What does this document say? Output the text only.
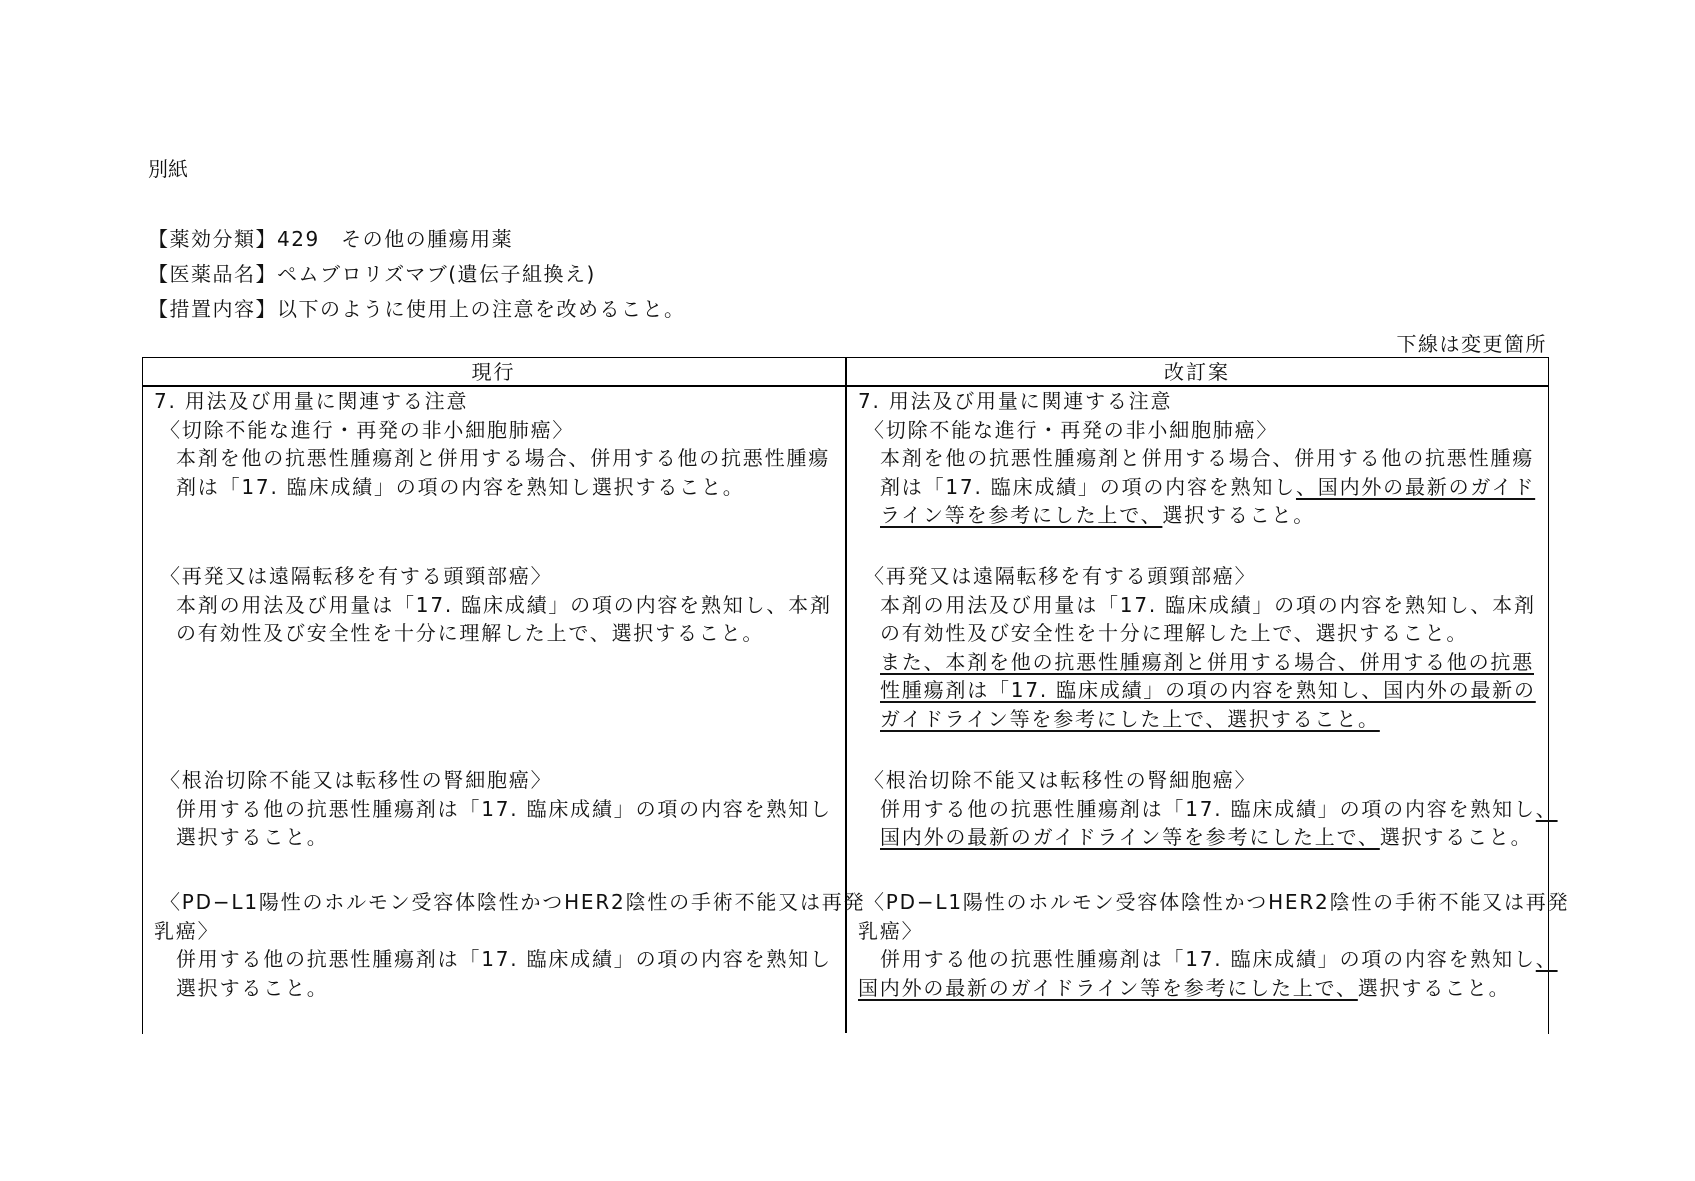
別紙
【薬効分類】429　その他の腫瘍用薬
【医薬品名】ペムブロリズマブ(遺伝子組換え)
【措置内容】以下のように使用上の注意を改めること。
下線は変更箇所
現行	改訂案
7. 用法及び用量に関連する注意
〈切除不能な進行・再発の非小細胞肺癌〉
本剤を他の抗悪性腫瘍剤と併用する場合、併用する他の抗悪性腫瘍
剤は「17. 臨床成績」の項の内容を熟知し選択すること。
〈再発又は遠隔転移を有する頭頸部癌〉
本剤の用法及び用量は「17. 臨床成績」の項の内容を熟知し、本剤
の有効性及び安全性を十分に理解した上で、選択すること。
〈根治切除不能又は転移性の腎細胞癌〉
併用する他の抗悪性腫瘍剤は「17. 臨床成績」の項の内容を熟知し
選択すること。
〈PD−L1陽性のホルモン受容体陰性かつHER2陰性の手術不能又は再発
乳癌〉
併用する他の抗悪性腫瘍剤は「17. 臨床成績」の項の内容を熟知し
選択すること。
7. 用法及び用量に関連する注意
〈切除不能な進行・再発の非小細胞肺癌〉
本剤を他の抗悪性腫瘍剤と併用する場合、併用する他の抗悪性腫瘍
剤は「17. 臨床成績」の項の内容を熟知し、国内外の最新のガイド
ライン等を参考にした上で、選択すること。
〈再発又は遠隔転移を有する頭頸部癌〉
本剤の用法及び用量は「17. 臨床成績」の項の内容を熟知し、本剤
の有効性及び安全性を十分に理解した上で、選択すること。
また、本剤を他の抗悪性腫瘍剤と併用する場合、併用する他の抗悪
性腫瘍剤は「17. 臨床成績」の項の内容を熟知し、国内外の最新の
ガイドライン等を参考にした上で、選択すること。
〈根治切除不能又は転移性の腎細胞癌〉
併用する他の抗悪性腫瘍剤は「17. 臨床成績」の項の内容を熟知し、
国内外の最新のガイドライン等を参考にした上で、選択すること。
〈PD−L1陽性のホルモン受容体陰性かつHER2陰性の手術不能又は再発
乳癌〉
併用する他の抗悪性腫瘍剤は「17. 臨床成績」の項の内容を熟知し、
国内外の最新のガイドライン等を参考にした上で、選択すること。
